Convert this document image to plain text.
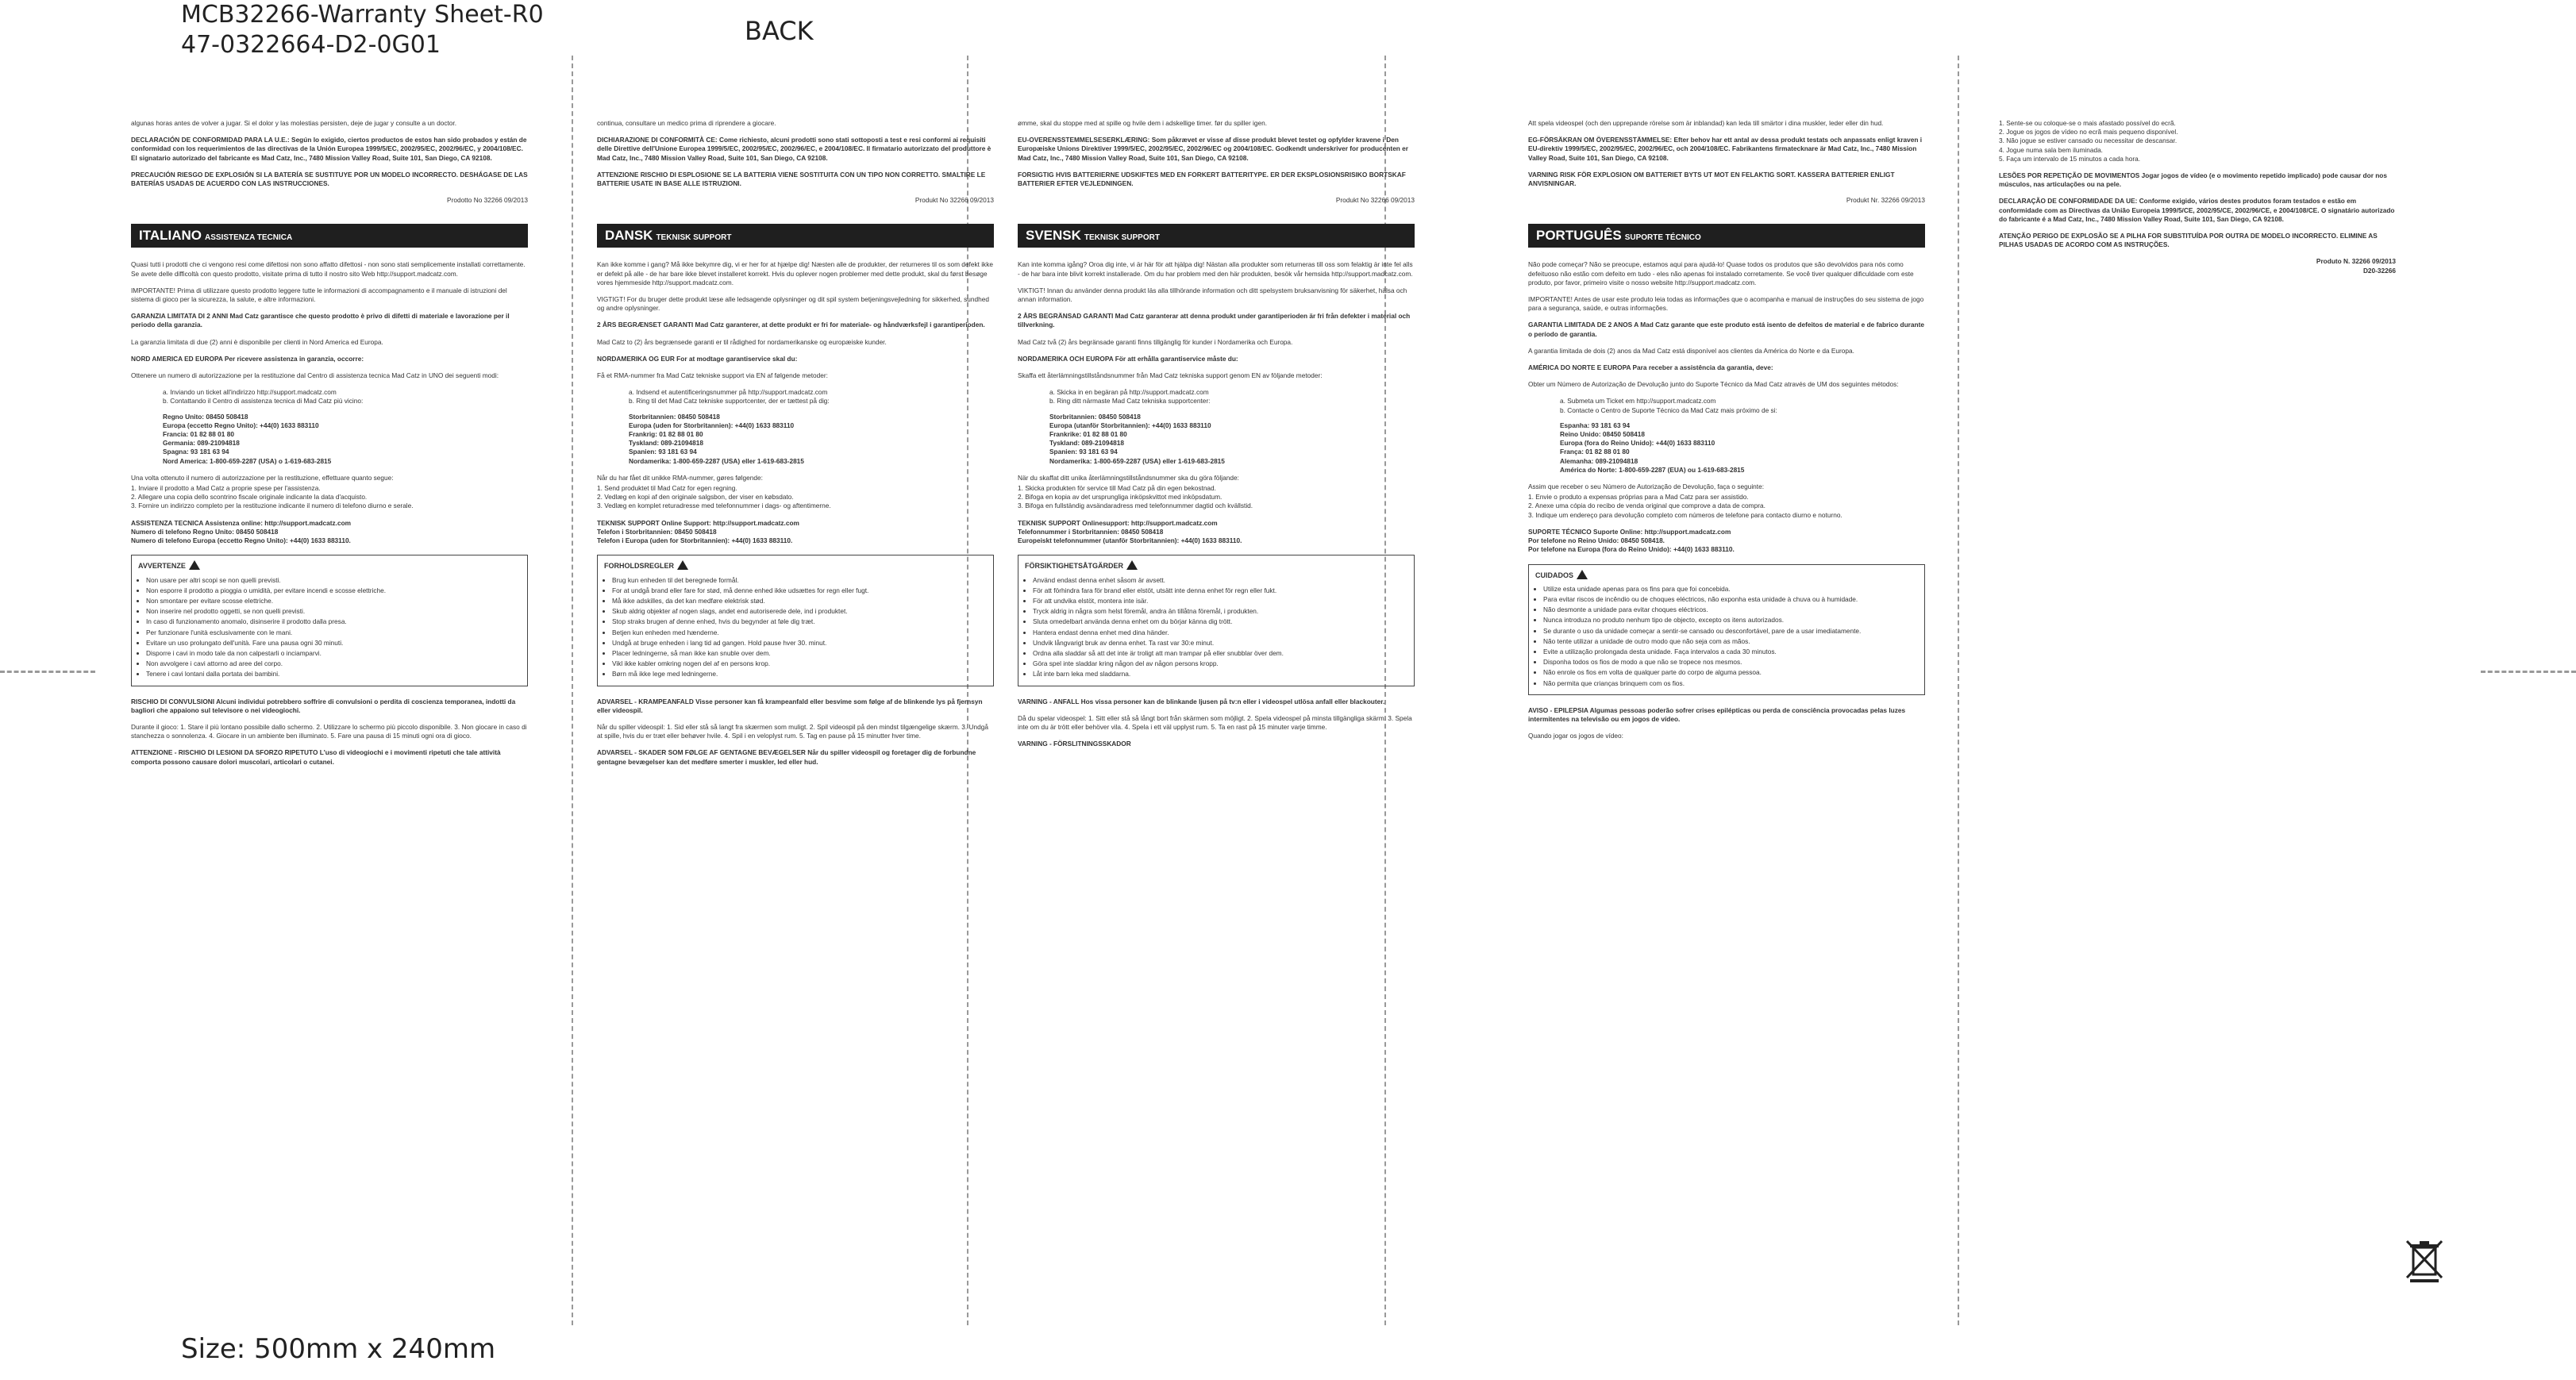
MCB32266-Warranty Sheet-R0
47-0322664-D2-0G01	BACK

algunas horas antes de volver a jugar. Si el dolor y las molestias persisten, deje de jugar y consulte a un doctor.

DECLARACIÓN DE CONFORMIDAD PARA LA U.E.: Según lo exigido, ciertos productos de estos han sido probados y están de conformidad con los requerimientos de las directivas de la Unión Europea 1999/5/EC, 2002/95/EC, 2002/96/EC, y 2004/108/EC. El signatario autorizado del fabricante es Mad Catz, Inc., 7480 Mission Valley Road, Suite 101, San Diego, CA 92108.

PRECAUCIÓN RIESGO DE EXPLOSIÓN SI LA BATERÍA SE SUSTITUYE POR UN MODELO INCORRECTO. DESHÁGASE DE LAS BATERÍAS USADAS DE ACUERDO CON LAS INSTRUCCIONES.

Prodotto No 32266 09/2013
ITALIANO ASSISTENZA TECNICA

Quasi tutti i prodotti che ci vengono resi come difettosi non sono affatto difettosi - non sono stati semplicemente installati correttamente. Se avete delle difficoltà con questo prodotto, visitate prima di tutto il nostro sito Web http://support.madcatz.com.

IMPORTANTE! Prima di utilizzare questo prodotto leggere tutte le informazioni di accompagnamento e il manuale di istruzioni del sistema di gioco per la sicurezza, la salute, e altre informazioni.

GARANZIA LIMITATA DI 2 ANNI Mad Catz garantisce che questo prodotto è privo di difetti di materiale e lavorazione per il periodo della garanzia.

La garanzia limitata di due (2) anni è disponibile per clienti in Nord America ed Europa.

NORD AMERICA ED EUROPA Per ricevere assistenza in garanzia, occorre:

Ottenere un numero di autorizzazione per la restituzione dal Centro di assistenza tecnica Mad Catz in UNO dei seguenti modi:

a. Inviando un ticket all'indirizzo http://support.madcatz.com
b. Contattando il Centro di assistenza tecnica di Mad Catz più vicino:
Regno Unito: 08450 508418
Europa (eccetto Regno Unito): +44(0) 1633 883110
Francia: 01 82 88 01 80
Germania: 089-21094818
Spagna: 93 181 63 94
Nord America: 1-800-659-2287 (USA) o 1-619-683-2815

Una volta ottenuto il numero di autorizzazione per la restituzione, effettuare quanto segue:

1. Inviare il prodotto a Mad Catz a proprie spese per l'assistenza.
2. Allegare una copia dello scontrino fiscale originale indicante la data d'acquisto.
3. Fornire un indirizzo completo per la restituzione indicante il numero di telefono diurno e serale.
ASSISTENZA TECNICA Assistenza online: http://support.madcatz.com
Numero di telefono Regno Unito: 08450 508418
Numero di telefono Europa (eccetto Regno Unito): +44(0) 1633 883110.
AVVERTENZE
• Non usare per altri scopi se non quelli previsti.
• Non esporre il prodotto a pioggia o umidità, per evitare incendi e scosse elettriche.
• Non smontare per evitare scosse elettriche.
• Non inserire nel prodotto oggetti, se non quelli previsti.
• In caso di funzionamento anomalo, disinserire il prodotto dalla presa.
• Per funzionare l'unità esclusivamente con le mani.
• Evitare un uso prolungato dell'unità. Fare una pausa ogni 30 minuti.
• Disporre i cavi in modo tale da non calpestarli o inciamparvi.
• Non avvolgere i cavi attorno ad aree del corpo.
• Tenere i cavi lontani dalla portata dei bambini.

RISCHIO DI CONVULSIONI Alcuni individui potrebbero soffrire di convulsioni o perdita di coscienza temporanea, indotti da bagliori che appaiono sul televisore o nei videogiochi.

Durante il gioco: 1. Stare il più lontano possibile dallo schermo. 2. Utilizzare lo schermo più piccolo disponibile. 3. Non giocare in caso di stanchezza o sonnolenza. 4. Giocare in un ambiente ben illuminato. 5. Fare una pausa di 15 minuti ogni ora di gioco.

ATTENZIONE - RISCHIO DI LESIONI DA SFORZO RIPETUTO L'uso di videogiochi e i movimenti ripetuti che tale attività comporta possono causare dolori muscolari, articolari o cutanei.

continua, consultare un medico prima di riprendere a giocare.

DICHIARAZIONE DI CONFORMITÀ CE: Come richiesto, alcuni prodotti sono stati sottoposti a test e resi conformi ai requisiti delle Direttive dell'Unione Europea 1999/5/EC, 2002/95/EC, 2002/96/EC, e 2004/108/EC. Il firmatario autorizzato del produttore è Mad Catz, Inc., 7480 Mission Valley Road, Suite 101, San Diego, CA 92108.

ATTENZIONE RISCHIO DI ESPLOSIONE SE LA BATTERIA VIENE SOSTITUITA CON UN TIPO NON CORRETTO. SMALTIRE LE BATTERIE USATE IN BASE ALLE ISTRUZIONI.

Produkt No 32266 09/2013
DANSK TEKNISK SUPPORT

Kan ikke komme i gang? Må ikke bekymre dig, vi er her for at hjælpe dig! Næsten alle de produkter, der returneres til os som defekt ikke er defekt på alle - de har bare ikke blevet installeret korrekt. Hvis du oplever nogen problemer med dette produkt, skal du først besøge vores hjemmeside http://support.madcatz.com.

VIGTIGT! For du bruger dette produkt læse alle ledsagende oplysninger og dit spil system betjeningsvejledning for sikkerhed, sundhed og andre oplysninger.

2 ÅRS BEGRÆNSET GARANTI Mad Catz garanterer, at dette produkt er fri for materiale- og håndværksfejl i garantiperioden.

Mad Catz to (2) års begrænsede garanti er til rådighed for nordamerikanske og europæiske kunder.

NORDAMERIKA OG EUR For at modtage garantiservice skal du:

Få et RMA-nummer fra Mad Catz tekniske support via EN af følgende metoder:

a. Indsend et autentificeringsnummer på http://support.madcatz.com
b. Ring til det Mad Catz tekniske supportcenter, der er tættest på dig:
Storbritannien: 08450 508418
Europa (uden for Storbritannien): +44(0) 1633 883110
Frankrig: 01 82 88 01 80
Tyskland: 089-21094818
Spanien: 93 181 63 94
Nordamerika: 1-800-659-2287 (USA) eller 1-619-683-2815

Når du har fået dit unikke RMA-nummer, gøres følgende:

1. Send produktet til Mad Catz for egen regning.
2. Vedlæg en kopi af den originale salgsbon, der viser en købsdato.
3. Vedlæg en komplet returadresse med telefonnummer i dags- og aftentimerne.
TEKNISK SUPPORT Online Support: http://support.madcatz.com
Telefon i Storbritannien: 08450 508418
Telefon i Europa (uden for Storbritannien): +44(0) 1633 883110.
FORHOLDSREGLER
• Brug kun enheden til det beregnede formål.
• For at undgå brand eller fare for stød, må denne enhed ikke udsættes for regn eller fugt.
• Må ikke adskilles, da det kan medføre elektrisk stød.
• Skub aldrig objekter af nogen slags, andet end autoriserede dele, ind i produktet.
• Stop straks brugen af denne enhed, hvis du begynder at føle dig træt.
• Betjen kun enheden med hænderne.
• Undgå at bruge enheden i lang tid ad gangen. Hold pause hver 30. minut.
• Placer ledningerne, så man ikke kan snuble over dem.
• Vikl ikke kabler omkring nogen del af en persons krop.
• Børn må ikke lege med ledningerne.

ADVARSEL - KRAMPEANFALD Visse personer kan få krampeanfald eller besvime som følge af de blinkende lys på fjernsyn eller videospil.

Når du spiller videospil: 1. Sid eller stå så langt fra skærmen som muligt. 2. Spil videospil på den mindst tilgængelige skærm. 3. Undgå at spille, hvis du er træt eller behøver hvile. 4. Spil i en veloplyst rum. 5. Tag en pause på 15 minutter hver time.

ADVARSEL - SKADER SOM FØLGE AF GENTAGNE BEVÆGELSER Når du spiller videospil og foretager dig de forbundne gentagne bevægelser kan det medføre smerter i muskler, led eller hud.

ømme, skal du stoppe med at spille og hvile dem i adskellige timer. før du spiller igen.

EU-OVERENSSTEMMELSESERKLÆRING: Som påkrævet er visse af disse produkt blevet testet og opfylder kravene i Den Europæiske Unions Direktiver 1999/5/EC, 2002/95/EC, 2002/96/EC og 2004/108/EC. Godkendt underskriver for producenten er Mad Catz, Inc., 7480 Mission Valley Road, Suite 101, San Diego, CA 92108.

FORSIGTIG HVIS BATTERIERNE UDSKIFTES MED EN FORKERT BATTERITYPE. ER DER EKSPLOSIONSRISIKO BORTSKAF BATTERIER EFTER VEJLEDNINGEN.

Produkt No 32266 09/2013
SVENSK TEKNISK SUPPORT

Kan inte komma igång? Oroa dig inte, vi är här för att hjälpa dig! Nästan alla produkter som returneras till oss som felaktig är inte fel alls - de har bara inte blivit korrekt installerade. Om du har problem med den här produkten, besök vår hemsida http://support.madcatz.com.

VIKTIGT! Innan du använder denna produkt läs alla tillhörande information och ditt spelsystem bruksanvisning för säkerhet, hälsa och annan information.

2 ÅRS BEGRÄNSAD GARANTI Mad Catz garanterar att denna produkt under garantiperioden är fri från defekter i material och tillverkning.

Mad Catz två (2) års begränsade garanti finns tillgänglig för kunder i Nordamerika och Europa.

NORDAMERIKA OCH EUROPA För att erhålla garantiservice måste du:

Skaffa ett återlämningstillståndsnummer från Mad Catz tekniska support genom EN av följande metoder:

a. Skicka in en begäran på http://support.madcatz.com
b. Ring ditt närmaste Mad Catz tekniska supportcenter:
Storbritannien: 08450 508418
Europa (utanför Storbritannien): +44(0) 1633 883110
Frankrike: 01 82 88 01 80
Tyskland: 089-21094818
Spanien: 93 181 63 94
Nordamerika: 1-800-659-2287 (USA) eller 1-619-683-2815

När du skaffat ditt unika återlämningstillståndsnummer ska du göra följande:

1. Skicka produkten för service till Mad Catz på din egen bekostnad.
2. Bifoga en kopia av det ursprungliga inköpskvittot med inköpsdatum.
3. Bifoga en fullständig avsändaradress med telefonnummer dagtid och kvällstid.
TEKNISK SUPPORT Onlinesupport: http://support.madcatz.com
Telefonnummer i Storbritannien: 08450 508418
Europeiskt telefonnummer (utanför Storbritannien): +44(0) 1633 883110.
FÖRSIKTIGHETSÅTGÄRDER
• Använd endast denna enhet såsom är avsett.
• För att förhindra fara för brand eller elstöt, utsätt inte denna enhet för regn eller fukt.
• För att undvika elstöt, montera inte isär.
• Tryck aldrig in några som helst föremål, andra än tillåtna föremål, i produkten.
• Sluta omedelbart använda denna enhet om du börjar känna dig trött.
• Hantera endast denna enhet med dina händer.
• Undvik långvarigt bruk av denna enhet. Ta rast var 30:e minut.
• Ordna alla sladdar så att det inte är troligt att man trampar på eller snubblar över dem.
• Göra spel inte sladdar kring någon del av någon persons kropp.
• Låt inte barn leka med sladdarna.

VARNING - ANFALL Hos vissa personer kan de blinkande ljusen på tv:n eller i videospel utlösa anfall eller blackouter.

Då du spelar videospel: 1. Sitt eller stå så långt bort från skärmen som möjligt. 2. Spela videospel på minsta tillgängliga skärm. 3. Spela inte om du är trött eller behöver vila. 4. Spela i ett väl upplyst rum. 5. Ta en rast på 15 minuter varje timme.

VARNING - FÖRSLITNINGSSKADOR

Att spela videospel (och den upprepande rörelse som är inblandad) kan leda till smärtor i dina muskler, leder eller din hud.

EG-FÖRSÄKRAN OM ÖVERENSSTÄMMELSE: Efter behov har ett antal av dessa produkt testats och anpassats enligt kraven i EU-direktiv 1999/5/EC, 2002/95/EC, 2002/96/EC, och 2004/108/EC. Fabrikantens firmatecknare är Mad Catz, Inc., 7480 Mission Valley Road, Suite 101, San Diego, CA 92108.

VARNING RISK FÖR EXPLOSION OM BATTERIET BYTS UT MOT EN FELAKTIG SORT. KASSERA BATTERIER ENLIGT ANVISNINGAR.

Produkt Nr. 32266 09/2013
PORTUGUÊS SUPORTE TÉCNICO

Não pode começar? Não se preocupe, estamos aqui para ajudá-lo! Quase todos os produtos que são devolvidos para nós como defeituoso não estão com defeito em tudo - eles não apenas foi instalado corretamente. Se você tiver qualquer dificuldade com este produto, por favor, primeiro visite o nosso website http://support.madcatz.com.

IMPORTANTE! Antes de usar este produto leia todas as informações que o acompanha e manual de instruções do seu sistema de jogo para a segurança, saúde, e outras informações.

GARANTIA LIMITADA DE 2 ANOS A Mad Catz garante que este produto está isento de defeitos de material e de fabrico durante o período de garantia.

A garantia limitada de dois (2) anos da Mad Catz está disponível aos clientes da América do Norte e da Europa.

AMÉRICA DO NORTE E EUROPA Para receber a assistência da garantia, deve:

Obter um Número de Autorização de Devolução junto do Suporte Técnico da Mad Catz através de UM dos seguintes métodos:

a. Submeta um Ticket em http://support.madcatz.com
b. Contacte o Centro de Suporte Técnico da Mad Catz mais próximo de si:
Espanha: 93 181 63 94
Reino Unido: 08450 508418
Europa (fora do Reino Unido): +44(0) 1633 883110
França: 01 82 88 01 80
Alemanha: 089-21094818
América do Norte: 1-800-659-2287 (EUA) ou 1-619-683-2815

Assim que receber o seu Número de Autorização de Devolução, faça o seguinte:

1. Envie o produto a expensas próprias para a Mad Catz para ser assistido.
2. Anexe uma cópia do recibo de venda original que comprove a data de compra.
3. Indique um endereço para devolução completo com números de telefone para contacto diurno e noturno.
SUPORTE TÉCNICO Suporte Online: http://support.madcatz.com
Por telefone no Reino Unido: 08450 508418.
Por telefone na Europa (fora do Reino Unido): +44(0) 1633 883110.
CUIDADOS
• Utilize esta unidade apenas para os fins para que foi concebida.
• Para evitar riscos de incêndio ou de choques eléctricos, não exponha esta unidade à chuva ou à humidade.
• Não desmonte a unidade para evitar choques eléctricos.
• Nunca introduza no produto nenhum tipo de objecto, excepto os itens autorizados.
• Se durante o uso da unidade começar a sentir-se cansado ou desconfortável, pare de a usar imediatamente.
• Não tente utilizar a unidade de outro modo que não seja com as mãos.
• Evite a utilização prolongada desta unidade. Faça intervalos a cada 30 minutos.
• Disponha todos os fios de modo a que não se tropece nos mesmos.
• Não enrole os fios em volta de qualquer parte do corpo de alguma pessoa.
• Não permita que crianças brinquem com os fios.

AVISO - EPILEPSIA Algumas pessoas poderão sofrer crises epilépticas ou perda de consciência provocadas pelas luzes intermitentes na televisão ou em jogos de vídeo.

Quando jogar os jogos de vídeo:

1. Sente-se ou coloque-se o mais afastado possível do ecrã.
2. Jogue os jogos de vídeo no ecrã mais pequeno disponível.
3. Não jogue se estiver cansado ou necessitar de descansar.
4. Jogue numa sala bem iluminada.
5. Faça um intervalo de 15 minutos a cada hora.

LESÕES POR REPETIÇÃO DE MOVIMENTOS Jogar jogos de vídeo (e o movimento repetido implicado) pode causar dor nos músculos, nas articulações ou na pele.

DECLARAÇÃO DE CONFORMIDADE DA UE: Conforme exigido, vários destes produtos foram testados e estão em conformidade com as Directivas da União Europeia 1999/5/CE, 2002/95/CE, 2002/96/CE, e 2004/108/CE. O signatário autorizado do fabricante é a Mad Catz, Inc., 7480 Mission Valley Road, Suite 101, San Diego, CA 92108.

ATENÇÃO PERIGO DE EXPLOSÃO SE A PILHA FOR SUBSTITUÍDA POR OUTRA DE MODELO INCORRECTO. ELIMINE AS PILHAS USADAS DE ACORDO COM AS INSTRUÇÕES.

Produto N. 32266 09/2013
D20-32266
Size: 500mm x 240mm
